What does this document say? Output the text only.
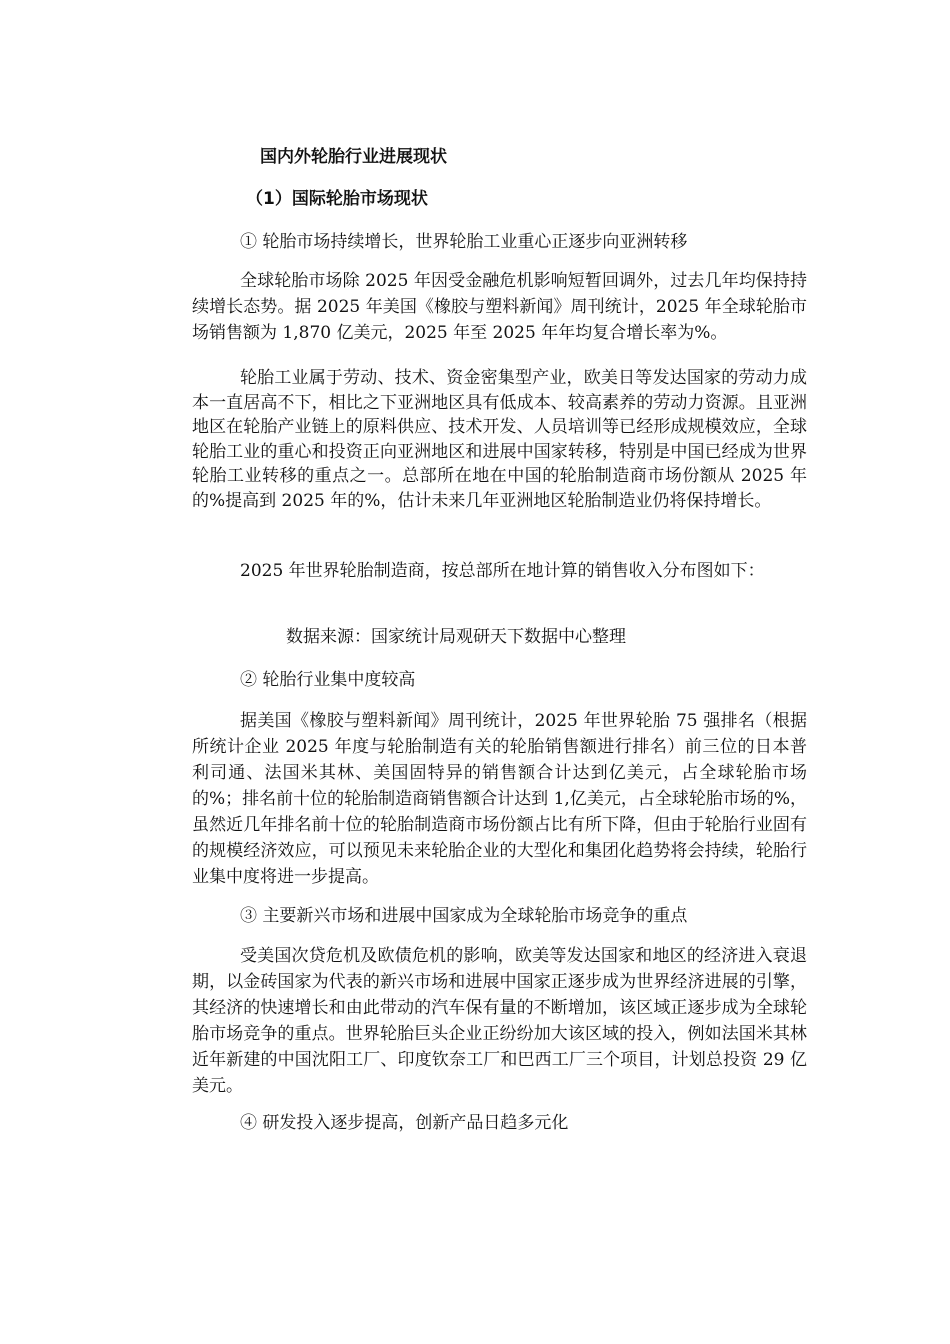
国内外轮胎行业进展现状
（1）国际轮胎市场现状
① 轮胎市场持续增长，世界轮胎工业重心正逐步向亚洲转移
全球轮胎市场除 2025 年因受金融危机影响短暂回调外，过去几年均保持持续增长态势。据 2025 年美国《橡胶与塑料新闻》周刊统计，2025 年全球轮胎市场销售额为 1,870 亿美元，2025 年至 2025 年年均复合增长率为%。
轮胎工业属于劳动、技术、资金密集型产业，欧美日等发达国家的劳动力成本一直居高不下，相比之下亚洲地区具有低成本、较高素养的劳动力资源。且亚洲地区在轮胎产业链上的原料供应、技术开发、人员培训等已经形成规模效应，全球轮胎工业的重心和投资正向亚洲地区和进展中国家转移，特别是中国已经成为世界轮胎工业转移的重点之一。总部所在地在中国的轮胎制造商市场份额从 2025 年的%提高到 2025 年的%，估计未来几年亚洲地区轮胎制造业仍将保持增长。
2025 年世界轮胎制造商，按总部所在地计算的销售收入分布图如下：
数据来源：国家统计局观研天下数据中心整理
② 轮胎行业集中度较高
据美国《橡胶与塑料新闻》周刊统计，2025 年世界轮胎 75 强排名（根据所统计企业 2025 年度与轮胎制造有关的轮胎销售额进行排名）前三位的日本普利司通、法国米其林、美国固特异的销售额合计达到亿美元，占全球轮胎市场的%；排名前十位的轮胎制造商销售额合计达到 1,亿美元，占全球轮胎市场的%，虽然近几年排名前十位的轮胎制造商市场份额占比有所下降，但由于轮胎行业固有的规模经济效应，可以预见未来轮胎企业的大型化和集团化趋势将会持续，轮胎行业集中度将进一步提高。
③ 主要新兴市场和进展中国家成为全球轮胎市场竞争的重点
受美国次贷危机及欧债危机的影响，欧美等发达国家和地区的经济进入衰退期，以金砖国家为代表的新兴市场和进展中国家正逐步成为世界经济进展的引擎，其经济的快速增长和由此带动的汽车保有量的不断增加，该区域正逐步成为全球轮胎市场竞争的重点。世界轮胎巨头企业正纷纷加大该区域的投入，例如法国米其林近年新建的中国沈阳工厂、印度钦奈工厂和巴西工厂三个项目，计划总投资 29 亿美元。
④ 研发投入逐步提高，创新产品日趋多元化
